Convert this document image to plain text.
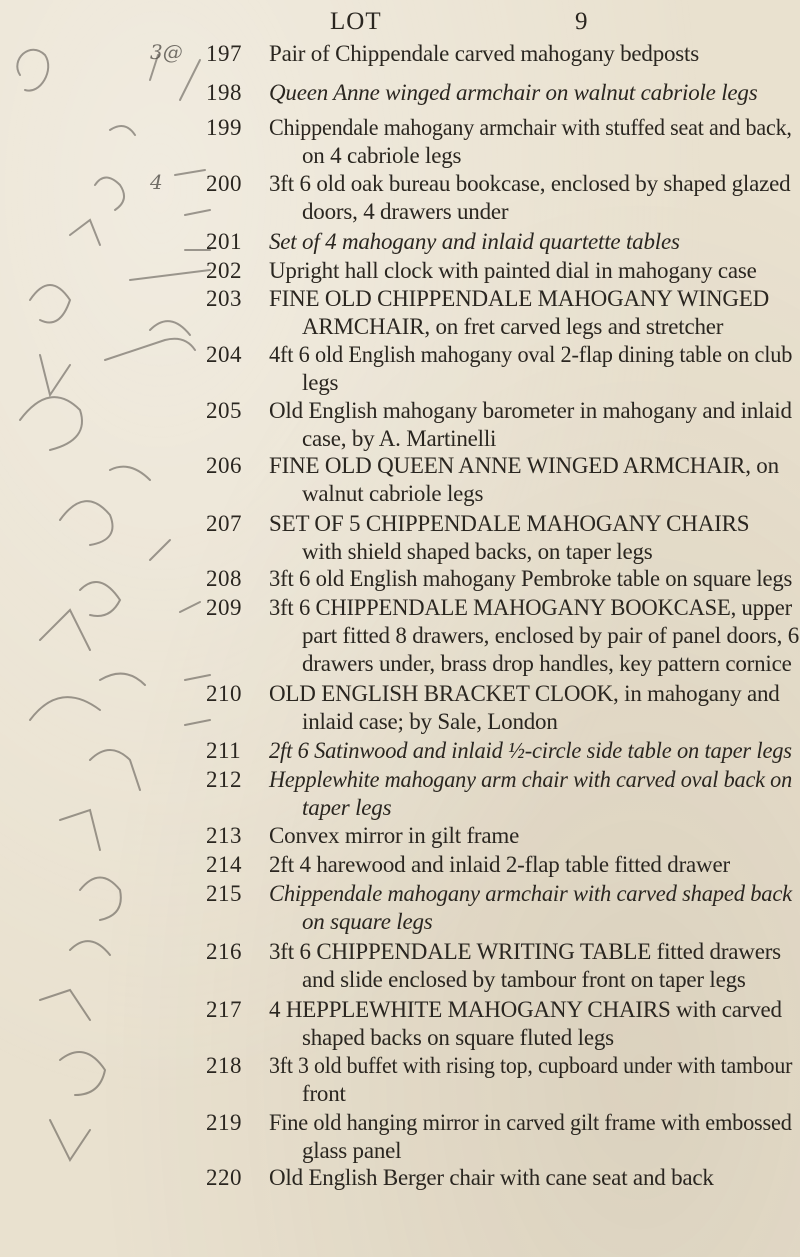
LOT	9
197 Pair of Chippendale carved mahogany bedposts
3@
198 Queen Anne winged armchair on walnut cabriole legs
199 Chippendale mahogany armchair with stuffed seat and back,
on 4 cabriole legs
200 3ft 6 old oak bureau bookcase, enclosed by shaped glazed
doors, 4 drawers under
4
201 Set of 4 mahogany and inlaid quartette tables
202 Upright hall clock with painted dial in mahogany case
203 FINE OLD CHIPPENDALE MAHOGANY WINGED
ARMCHAIR, on fret carved legs and stretcher
204 4ft 6 old English mahogany oval 2-flap dining table on club
legs
205 Old English mahogany barometer in mahogany and inlaid
case, by A. Martinelli
206 FINE OLD QUEEN ANNE WINGED ARMCHAIR, on
walnut cabriole legs
207 SET OF 5 CHIPPENDALE MAHOGANY CHAIRS
with shield shaped backs, on taper legs
208 3ft 6 old English mahogany Pembroke table on square legs
209 3ft 6 CHIPPENDALE MAHOGANY BOOKCASE, upper
part fitted 8 drawers, enclosed by pair of panel doors, 6
drawers under, brass drop handles, key pattern cornice
210 OLD ENGLISH BRACKET CLOOK, in mahogany and
inlaid case; by Sale, London
211 2ft 6 Satinwood and inlaid ½-circle side table on taper legs
212 Hepplewhite mahogany arm chair with carved oval back on
taper legs
213 Convex mirror in gilt frame
214 2ft 4 harewood and inlaid 2-flap table fitted drawer
215 Chippendale mahogany armchair with carved shaped back
on square legs
216 3ft 6 CHIPPENDALE WRITING TABLE fitted drawers
and slide enclosed by tambour front on taper legs
217 4 HEPPLEWHITE MAHOGANY CHAIRS with carved
shaped backs on square fluted legs
218 3ft 3 old buffet with rising top, cupboard under with tambour
front
219 Fine old hanging mirror in carved gilt frame with embossed
glass panel
220 Old English Berger chair with cane seat and back
